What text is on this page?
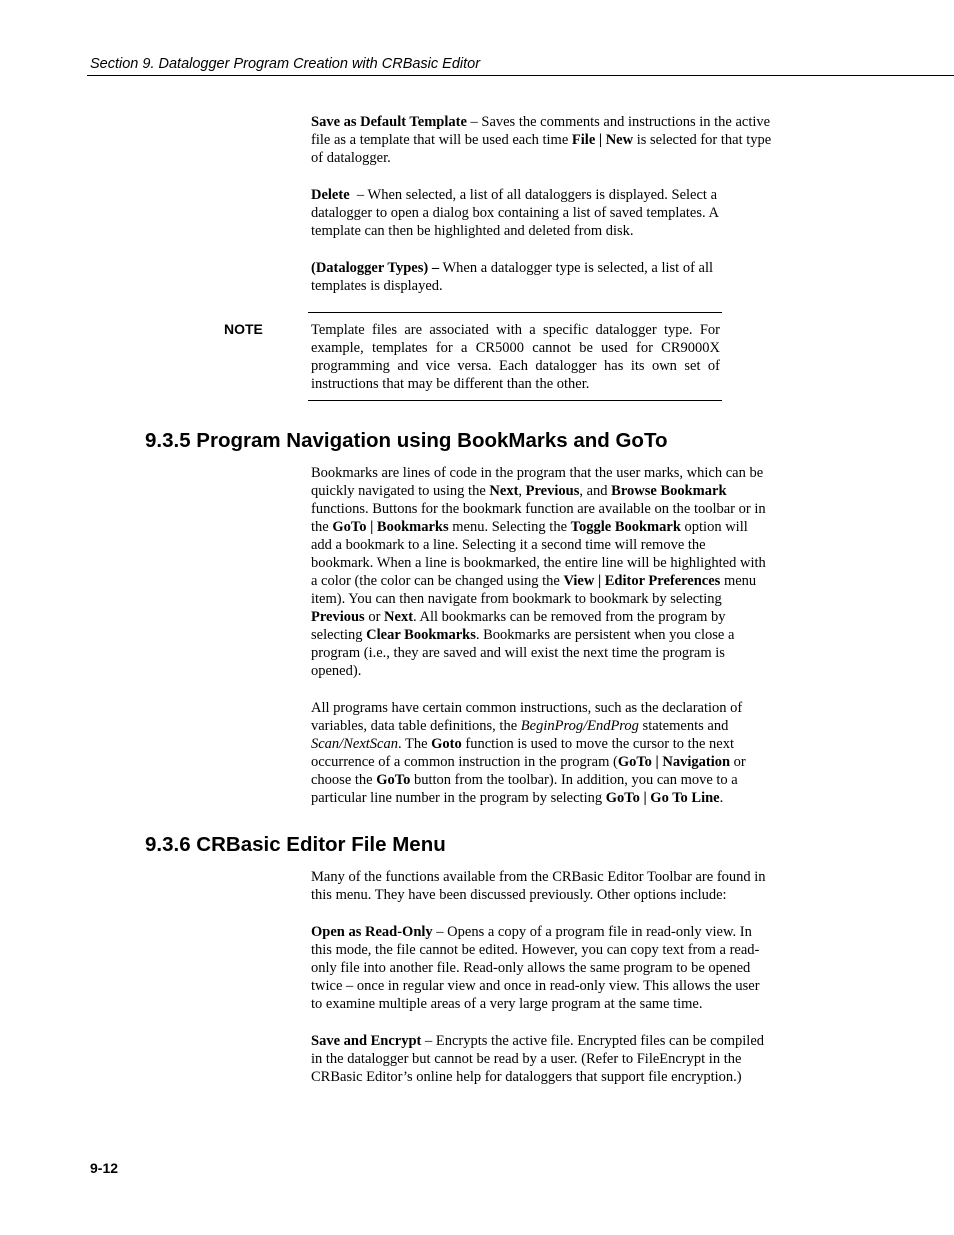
Section 9. Datalogger Program Creation with CRBasic Editor

Save as Default Template – Saves the comments and instructions in the active
file as a template that will be used each time File | New is selected for that type
of datalogger.

Delete  – When selected, a list of all dataloggers is displayed. Select a
datalogger to open a dialog box containing a list of saved templates. A
template can then be highlighted and deleted from disk.

(Datalogger Types) – When a datalogger type is selected, a list of all
templates is displayed.

NOTE	Template files are associated with a specific datalogger type. For example, templates for a CR5000 cannot be used for CR9000X programming and vice versa. Each datalogger has its own set of instructions that may be different than the other.
9.3.5 Program Navigation using BookMarks and GoTo

Bookmarks are lines of code in the program that the user marks, which can be
quickly navigated to using the Next, Previous, and Browse Bookmark
functions. Buttons for the bookmark function are available on the toolbar or in
the GoTo | Bookmarks menu. Selecting the Toggle Bookmark option will
add a bookmark to a line. Selecting it a second time will remove the
bookmark. When a line is bookmarked, the entire line will be highlighted with
a color (the color can be changed using the View | Editor Preferences menu
item). You can then navigate from bookmark to bookmark by selecting
Previous or Next. All bookmarks can be removed from the program by
selecting Clear Bookmarks. Bookmarks are persistent when you close a
program (i.e., they are saved and will exist the next time the program is
opened).

All programs have certain common instructions, such as the declaration of
variables, data table definitions, the BeginProg/EndProg statements and
Scan/NextScan. The Goto function is used to move the cursor to the next
occurrence of a common instruction in the program (GoTo | Navigation or
choose the GoTo button from the toolbar). In addition, you can move to a
particular line number in the program by selecting GoTo | Go To Line.

9.3.6 CRBasic Editor File Menu

Many of the functions available from the CRBasic Editor Toolbar are found in
this menu. They have been discussed previously. Other options include:

Open as Read-Only – Opens a copy of a program file in read-only view. In
this mode, the file cannot be edited. However, you can copy text from a read-
only file into another file. Read-only allows the same program to be opened
twice – once in regular view and once in read-only view. This allows the user
to examine multiple areas of a very large program at the same time.

Save and Encrypt – Encrypts the active file. Encrypted files can be compiled
in the datalogger but cannot be read by a user. (Refer to FileEncrypt in the
CRBasic Editor’s online help for dataloggers that support file encryption.)

9-12
